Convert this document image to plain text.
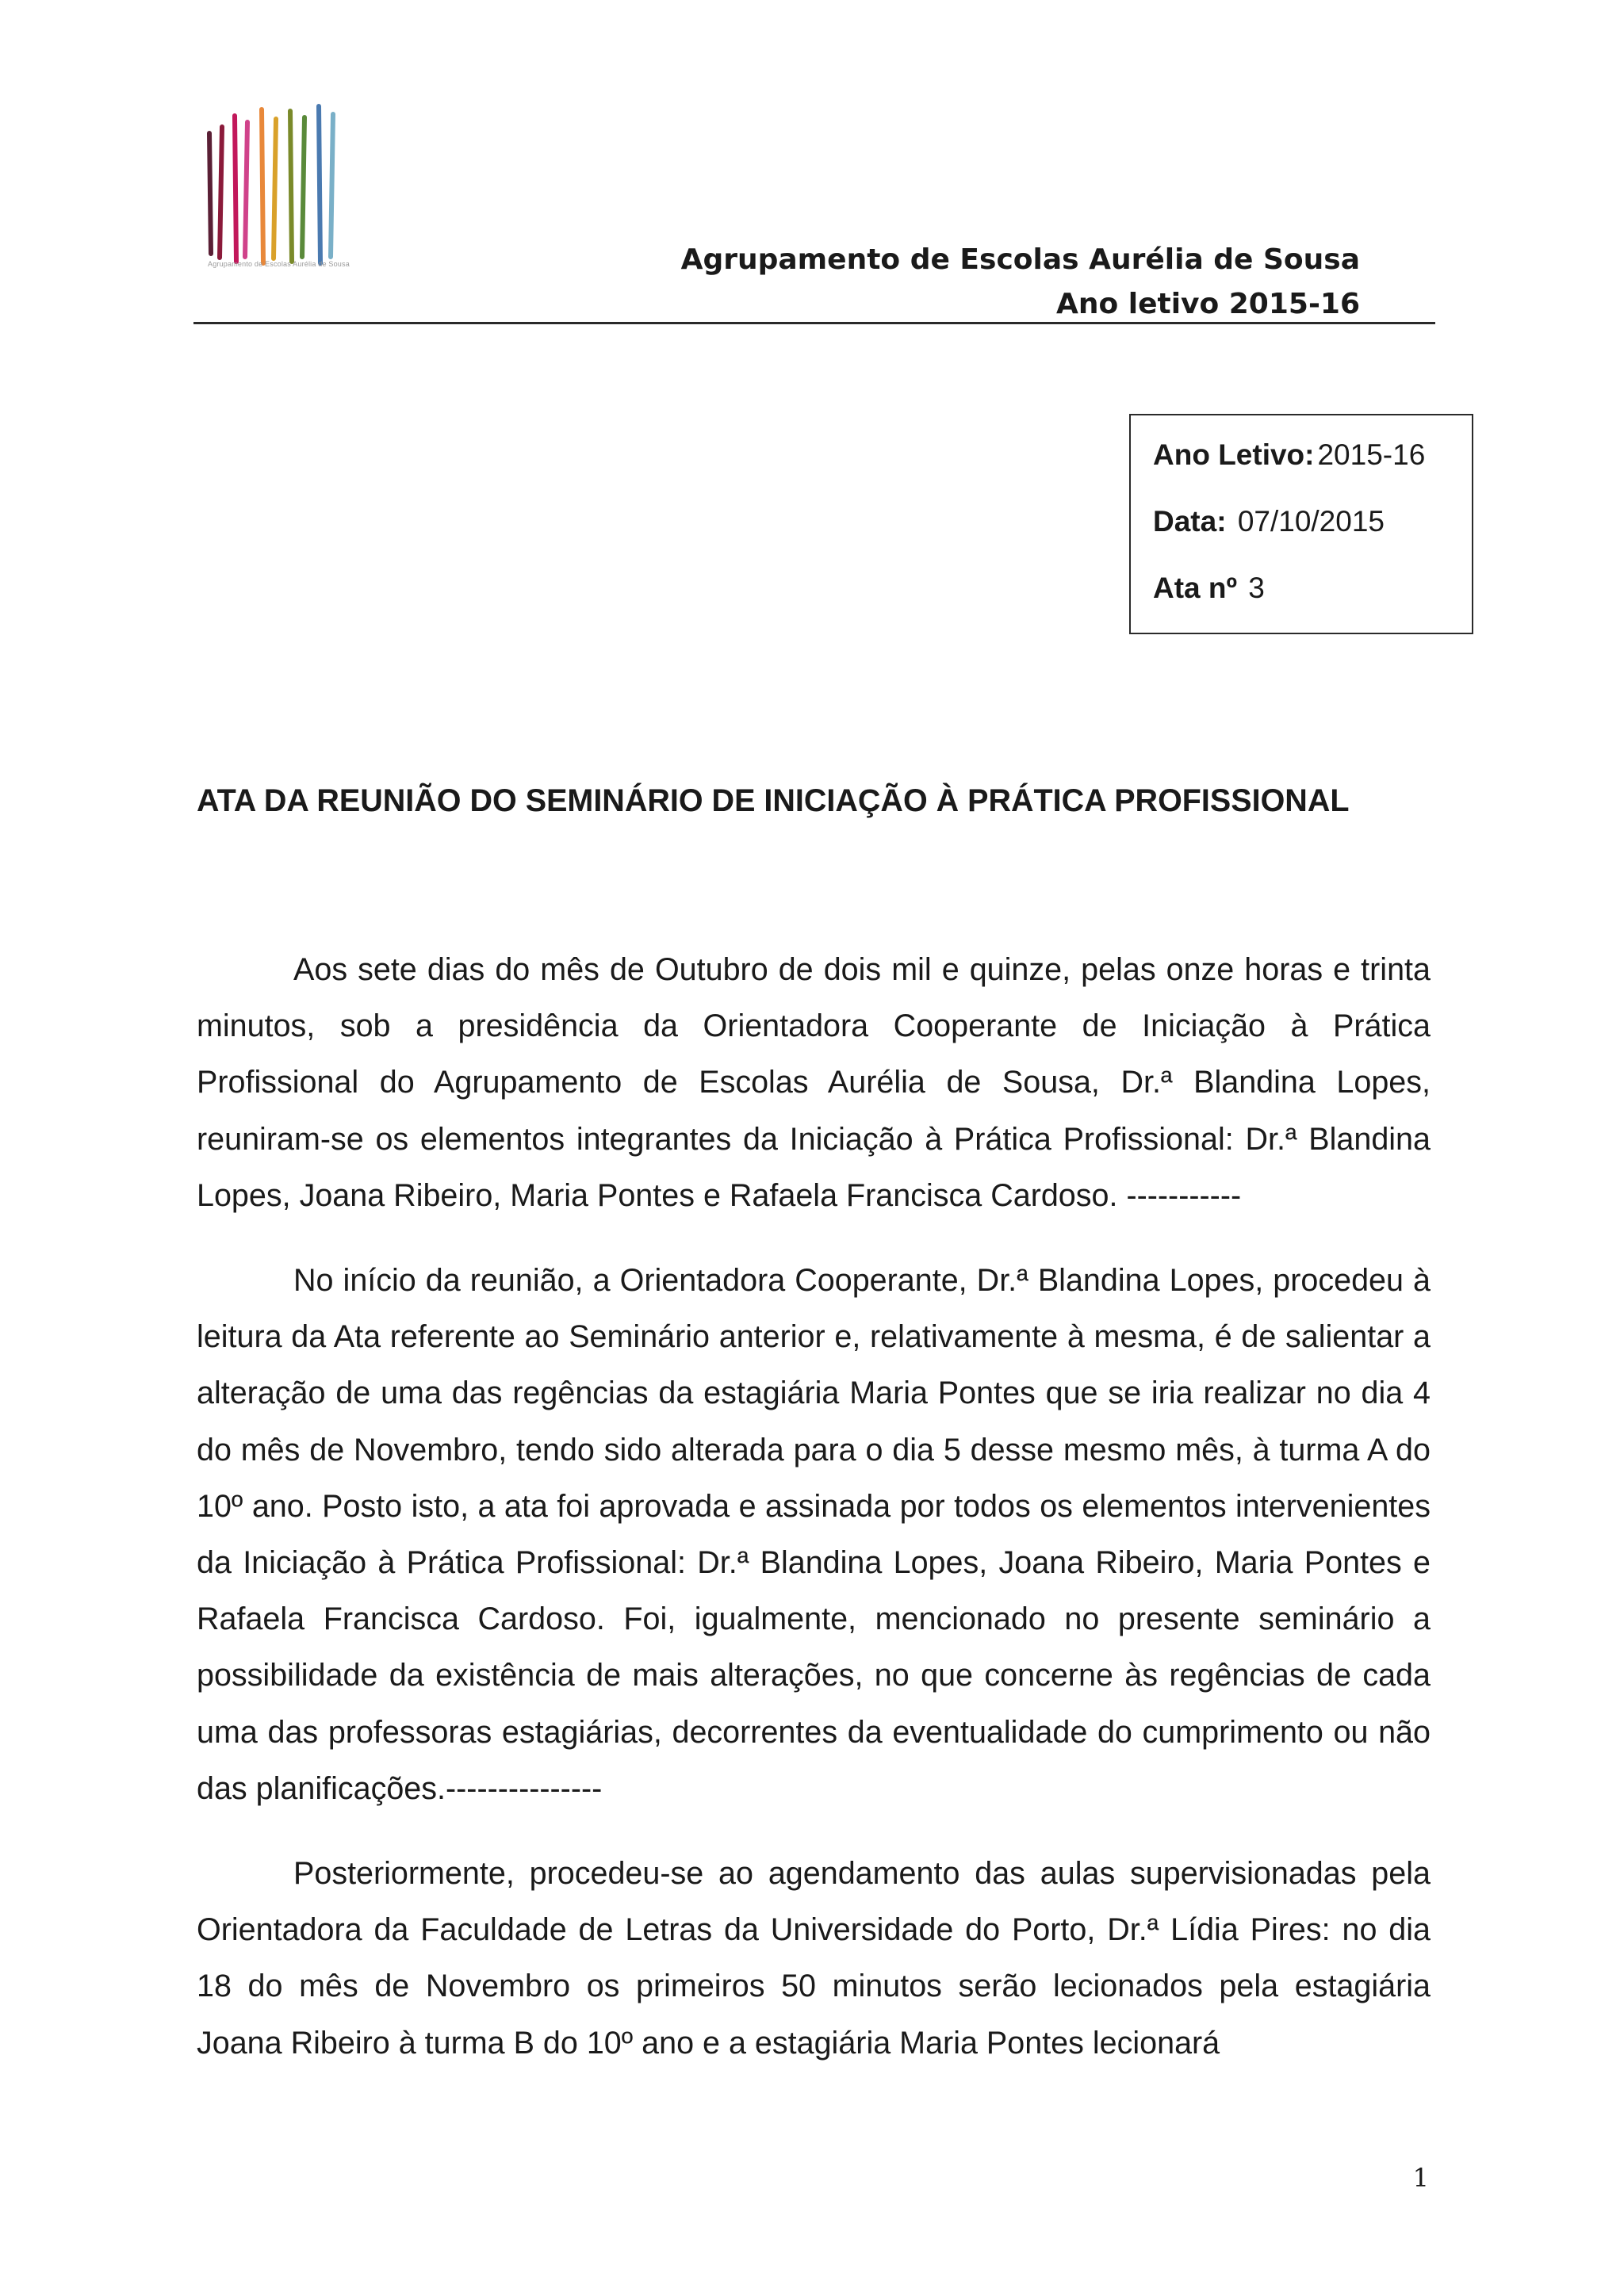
Agrupamento de Escolas Aurélia de Sousa	Agrupamento de Escolas Aurélia de Sousa
Ano letivo 2015-16
Ano Letivo: 2015-16
Data: 07/10/2015
Ata nº 3
ATA DA REUNIÃO DO SEMINÁRIO DE INICIAÇÃO À PRÁTICA PROFISSIONAL

Aos sete dias do mês de Outubro de dois mil e quinze, pelas onze horas e trinta minutos, sob a presidência da Orientadora Cooperante de Iniciação à Prática Profissional do Agrupamento de Escolas Aurélia de Sousa, Dr.ª Blandina Lopes, reuniram-se os elementos integrantes da Iniciação à Prática Profissional: Dr.ª Blandina Lopes, Joana Ribeiro, Maria Pontes e Rafaela Francisca Cardoso. -----------

No início da reunião, a Orientadora Cooperante, Dr.ª Blandina Lopes, procedeu à leitura da Ata referente ao Seminário anterior e, relativamente à mesma, é de salientar a alteração de uma das regências da estagiária Maria Pontes que se iria realizar no dia 4 do mês de Novembro, tendo sido alterada para o dia 5 desse mesmo mês, à turma A do 10º ano. Posto isto, a ata foi aprovada e assinada por todos os elementos intervenientes da Iniciação à Prática Profissional: Dr.ª Blandina Lopes, Joana Ribeiro, Maria Pontes e Rafaela Francisca Cardoso. Foi, igualmente, mencionado no presente seminário a possibilidade da existência de mais alterações, no que concerne às regências de cada uma das professoras estagiárias, decorrentes da eventualidade do cumprimento ou não das planificações.---------------

Posteriormente, procedeu-se ao agendamento das aulas supervisionadas pela Orientadora da Faculdade de Letras da Universidade do Porto, Dr.ª Lídia Pires: no dia 18 do mês de Novembro os primeiros 50 minutos serão lecionados pela estagiária Joana Ribeiro à turma B do 10º ano e a estagiária Maria Pontes lecionará

1
